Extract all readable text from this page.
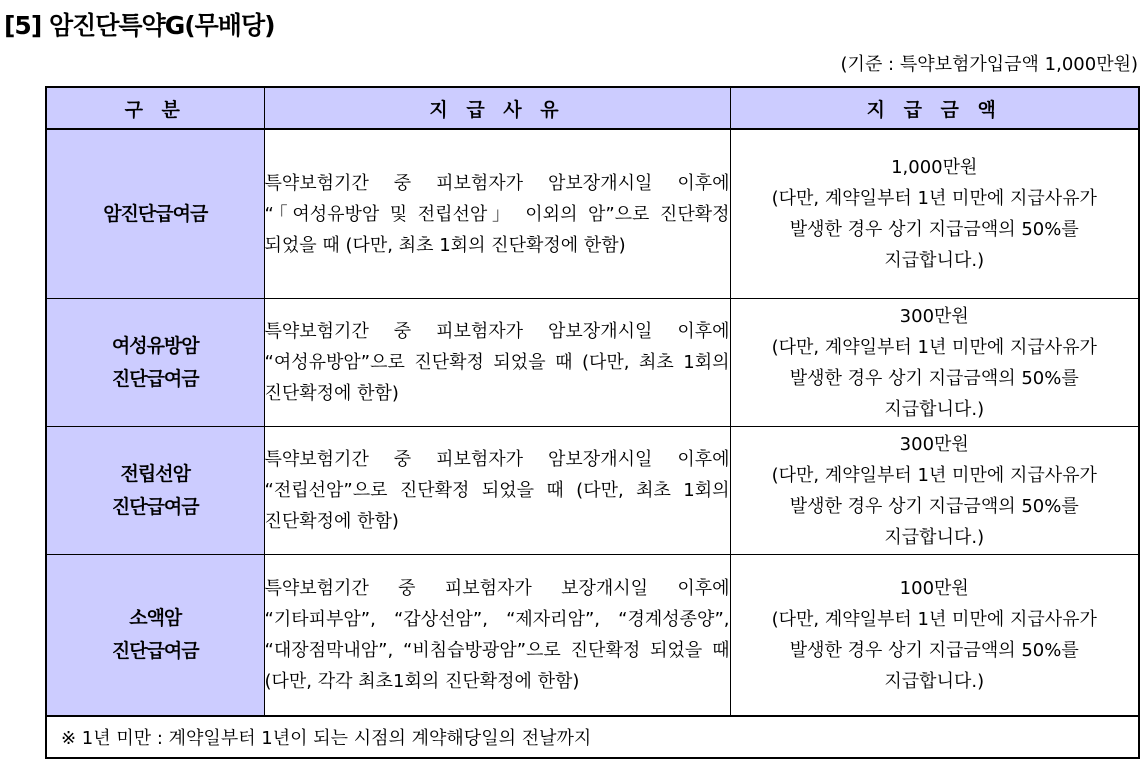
[5] 암진단특약G(무배당)
(기준 : 특약보험가입금액 1,000만원)
구 분	지 급 사 유	지 급 금 액

암진단급여금	특약보험기간 중 피보험자가 암보장개시일 이후에 “「여성유방암 및 전립선암」 이외의 암”으로 진단확정 되었을 때 (다만, 최초 1회의 진단확정에 한함)	1,000만원
(다만, 계약일부터 1년 미만에 지급사유가
발생한 경우 상기 지급금액의 50%를
지급합니다.)

여성유방암
진단급여금	특약보험기간 중 피보험자가 암보장개시일 이후에 “여성유방암”으로 진단확정 되었을 때 (다만, 최초 1회의 진단확정에 한함)	300만원
(다만, 계약일부터 1년 미만에 지급사유가
발생한 경우 상기 지급금액의 50%를
지급합니다.)

전립선암
진단급여금	특약보험기간 중 피보험자가 암보장개시일 이후에 “전립선암”으로 진단확정 되었을 때 (다만, 최초 1회의 진단확정에 한함)	300만원
(다만, 계약일부터 1년 미만에 지급사유가
발생한 경우 상기 지급금액의 50%를
지급합니다.)

소액암
진단급여금	특약보험기간 중 피보험자가 보장개시일 이후에 “기타피부암”, “갑상선암”, “제자리암”, “경계성종양”, “대장점막내암”, “비침습방광암”으로 진단확정 되었을 때 (다만, 각각 최초1회의 진단확정에 한함)	100만원
(다만, 계약일부터 1년 미만에 지급사유가
발생한 경우 상기 지급금액의 50%를
지급합니다.)

※ 1년 미만 : 계약일부터 1년이 되는 시점의 계약해당일의 전날까지		
